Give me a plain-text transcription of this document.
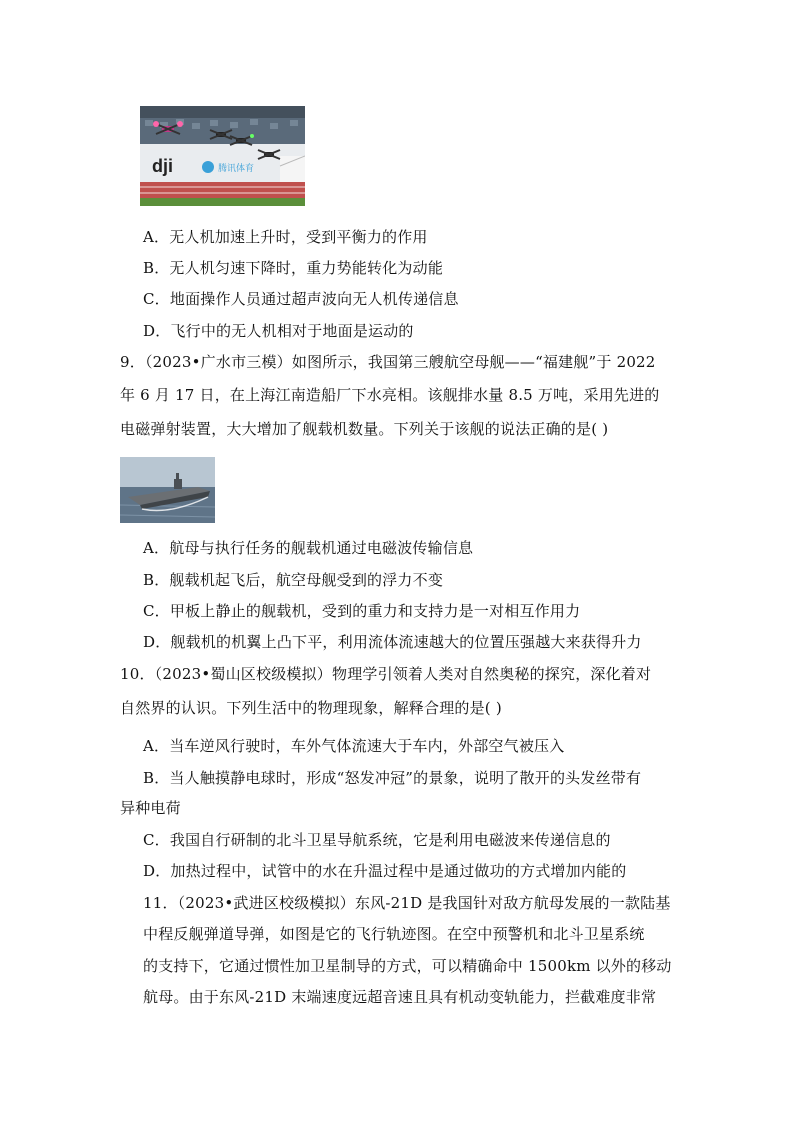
dji	腾讯体育
A．无人机加速上升时，受到平衡力的作用
B．无人机匀速下降时，重力势能转化为动能
C．地面操作人员通过超声波向无人机传递信息
D．飞行中的无人机相对于地面是运动的
9．（2023•广水市三模）如图所示，我国第三艘航空母舰——“福建舰”于 2022
年 6 月 17 日，在上海江南造船厂下水亮相。该舰排水量 8.5 万吨，采用先进的
电磁弹射装置，大大增加了舰载机数量。下列关于该舰的说法正确的是( )
A．航母与执行任务的舰载机通过电磁波传输信息
B．舰载机起飞后，航空母舰受到的浮力不变
C．甲板上静止的舰载机，受到的重力和支持力是一对相互作用力
D．舰载机的机翼上凸下平，利用流体流速越大的位置压强越大来获得升力
10．（2023•蜀山区校级模拟）物理学引领着人类对自然奥秘的探究，深化着对
自然界的认识。下列生活中的物理现象，解释合理的是( )
A．当车逆风行驶时，车外气体流速大于车内，外部空气被压入
B．当人触摸静电球时，形成“怒发冲冠”的景象，说明了散开的头发丝带有
异种电荷
C．我国自行研制的北斗卫星导航系统，它是利用电磁波来传递信息的
D．加热过程中，试管中的水在升温过程中是通过做功的方式增加内能的
11．（2023•武进区校级模拟）东风-21D 是我国针对敌方航母发展的一款陆基
中程反舰弹道导弹，如图是它的飞行轨迹图。在空中预警机和北斗卫星系统
的支持下，它通过惯性加卫星制导的方式，可以精确命中 1500km 以外的移动
航母。由于东风-21D 末端速度远超音速且具有机动变轨能力，拦截难度非常
